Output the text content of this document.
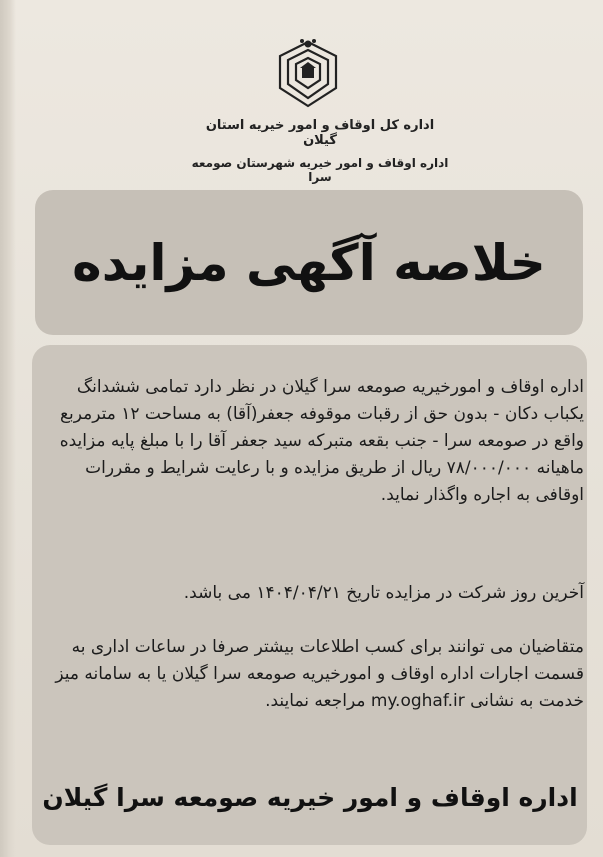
اداره کل اوقاف و امور خیریه استان گیلان
اداره اوقاف و امور خیریه شهرستان صومعه سرا
خلاصه آگهی مزایده
اداره اوقاف و امورخیریه صومعه سرا گیلان در نظر دارد تمامی ششدانگ یکباب دکان - بدون حق از رقبات موقوفه جعفر(آقا) به مساحت ۱۲ مترمربع واقع در صومعه سرا - جنب بقعه متبرکه سید جعفر آقا را با مبلغ پایه مزایده ماهیانه ۷۸/۰۰۰/۰۰۰ ریال از طریق مزایده و با رعایت شرایط و مقررات اوقافی به اجاره واگذار نماید.
آخرین روز شرکت در مزایده تاریخ ۱۴۰۴/۰۴/۲۱ می باشد.
متقاضیان می توانند برای کسب اطلاعات بیشتر صرفا در ساعات اداری به قسمت اجارات اداره اوقاف و امورخیریه صومعه سرا گیلان یا به سامانه میز خدمت به نشانی my.oghaf.ir مراجعه نمایند.
اداره اوقاف و امور خیریه صومعه سرا گیلان
